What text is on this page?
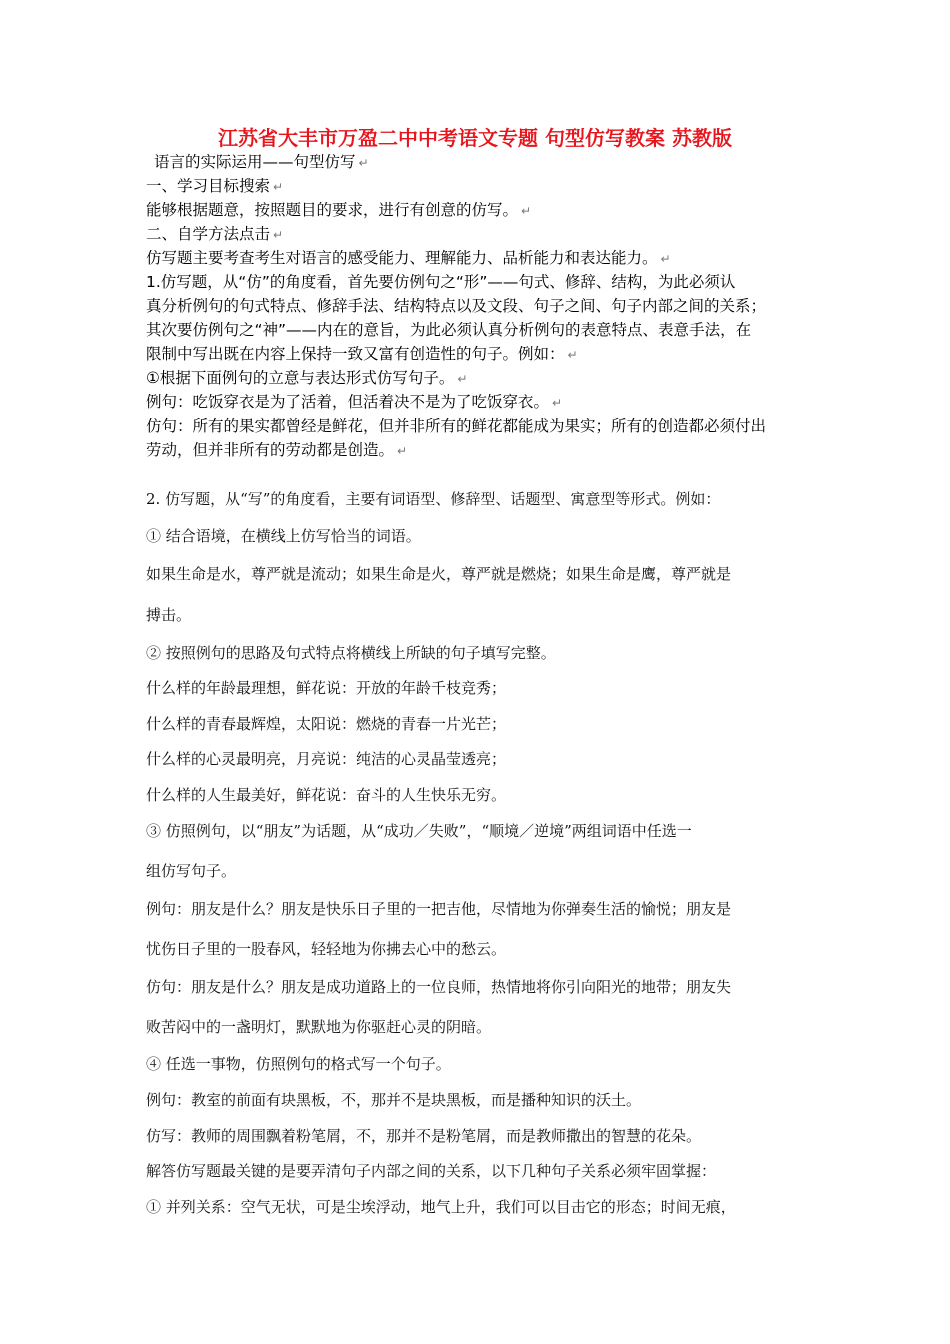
江苏省大丰市万盈二中中考语文专题 句型仿写教案 苏教版
语言的实际运用——句型仿写 ↵
一、学习目标搜索 ↵
能够根据题意，按照题目的要求，进行有创意的仿写。 ↵
二、自学方法点击 ↵
仿写题主要考查考生对语言的感受能力、理解能力、品析能力和表达能力。 ↵
1.仿写题，从“仿”的角度看，首先要仿例句之“形”——句式、修辞、结构，为此必须认
真分析例句的句式特点、修辞手法、结构特点以及文段、句子之间、句子内部之间的关系；
其次要仿例句之“神”——内在的意旨，为此必须认真分析例句的表意特点、表意手法，在
限制中写出既在内容上保持一致又富有创造性的句子。例如： ↵
①根据下面例句的立意与表达形式仿写句子。 ↵
例句：吃饭穿衣是为了活着，但活着决不是为了吃饭穿衣。 ↵
仿句：所有的果实都曾经是鲜花，但并非所有的鲜花都能成为果实；所有的创造都必须付出
劳动，但并非所有的劳动都是创造。 ↵
2. 仿写题，从“写”的角度看，主要有词语型、修辞型、话题型、寓意型等形式。例如：
① 结合语境，在横线上仿写恰当的词语。
如果生命是水，尊严就是流动；如果生命是火，尊严就是燃烧；如果生命是鹰，尊严就是
搏击。
② 按照例句的思路及句式特点将横线上所缺的句子填写完整。
什么样的年龄最理想，鲜花说：开放的年龄千枝竞秀；
什么样的青春最辉煌，太阳说：燃烧的青春一片光芒；
什么样的心灵最明亮，月亮说：纯洁的心灵晶莹透亮；
什么样的人生最美好，鲜花说：奋斗的人生快乐无穷。
③ 仿照例句，以“朋友”为话题，从“成功／失败”，“顺境／逆境”两组词语中任选一
组仿写句子。
例句：朋友是什么？朋友是快乐日子里的一把吉他，尽情地为你弹奏生活的愉悦；朋友是
忧伤日子里的一股春风，轻轻地为你拂去心中的愁云。
仿句：朋友是什么？朋友是成功道路上的一位良师，热情地将你引向阳光的地带；朋友失
败苦闷中的一盏明灯，默默地为你驱赶心灵的阴暗。
④ 任选一事物，仿照例句的格式写一个句子。
例句：教室的前面有块黑板，不，那并不是块黑板，而是播种知识的沃土。
仿写：教师的周围飘着粉笔屑，不，那并不是粉笔屑，而是教师撒出的智慧的花朵。
解答仿写题最关键的是要弄清句子内部之间的关系，以下几种句子关系必须牢固掌握：
① 并列关系：空气无状，可是尘埃浮动，地气上升，我们可以目击它的形态；时间无痕，
